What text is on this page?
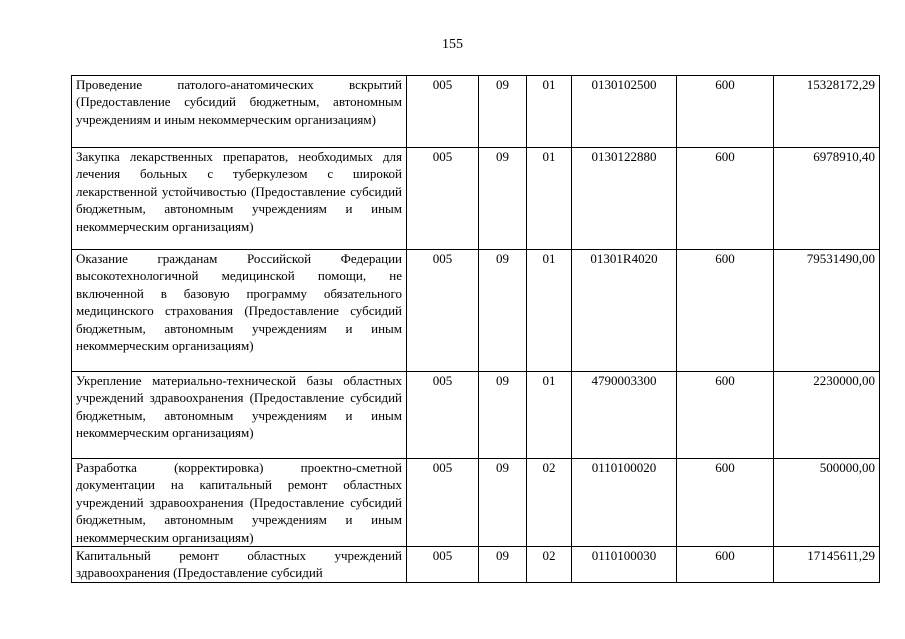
155
Проведение патолого-анатомических вскрытий (Предоставление субсидий бюджетным, автономным учреждениям и иным некоммерческим организациям)	005	09	01	0130102500	600	15328172,29
Закупка лекарственных препаратов, необходимых для лечения больных с туберкулезом с широкой лекарственной устойчивостью (Предоставление субсидий бюджетным, автономным учреждениям и иным некоммерческим организациям)	005	09	01	0130122880	600	6978910,40
Оказание гражданам Российской Федерации высокотехнологичной медицинской помощи, не включенной в базовую программу обязательного медицинского страхования (Предоставление субсидий бюджетным, автономным учреждениям и иным некоммерческим организациям)	005	09	01	01301R4020	600	79531490,00
Укрепление материально-технической базы областных учреждений здравоохранения (Предоставление субсидий бюджетным, автономным учреждениям и иным некоммерческим организациям)	005	09	01	4790003300	600	2230000,00
Разработка (корректировка) проектно-сметной документации на капитальный ремонт областных учреждений здравоохранения (Предоставление субсидий бюджетным, автономным учреждениям и иным некоммерческим организациям)	005	09	02	0110100020	600	500000,00
Капитальный ремонт областных учреждений здравоохранения (Предоставление субсидий	005	09	02	0110100030	600	17145611,29
